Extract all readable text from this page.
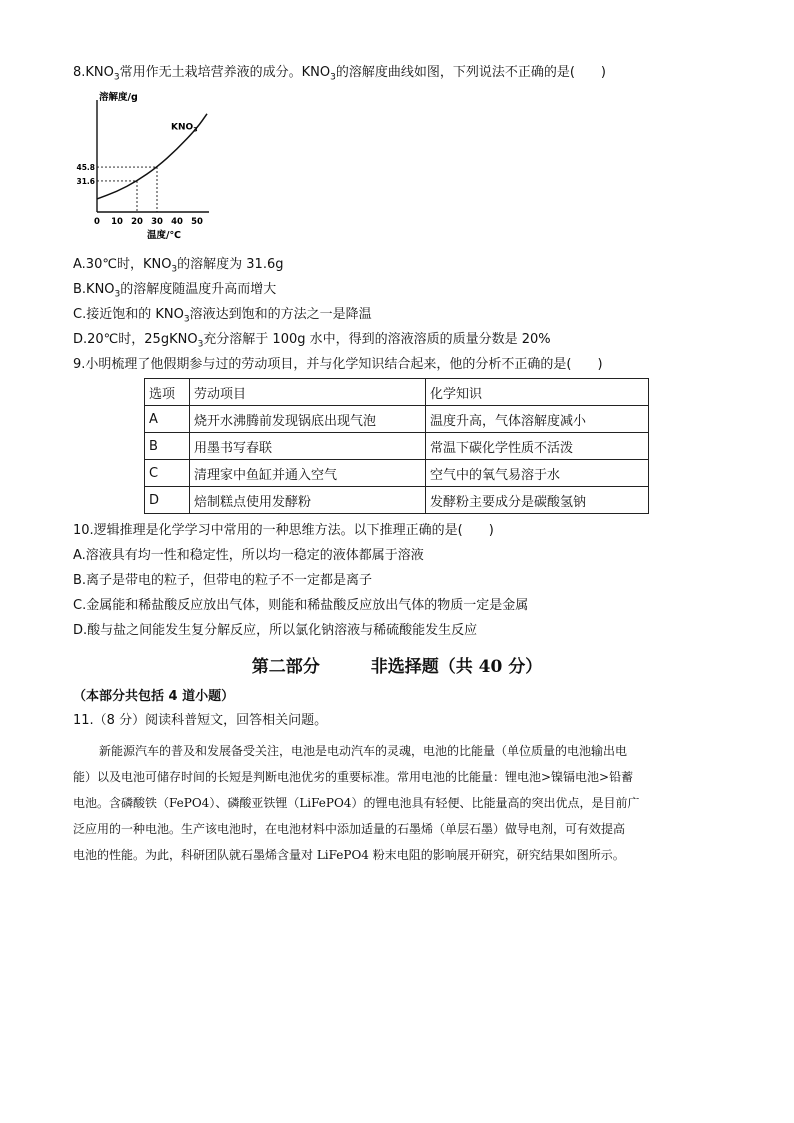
$8.KNO_3$常用作无土栽培营养液的成分。$KNO_3$的溶解度曲线如图，下列说法不正确的是(　　)
溶解度/g
温度/℃
0 10 20 30 40 50
31.6
45.8
$KNO_3$
A.30℃时，$KNO_3$的溶解度为 31.6g
$B.KNO_3$的溶解度随温度升高而增大
C.接近饱和的 $KNO_3$溶液达到饱和的方法之一是降温
D.20℃时，25gKNO$_3$充分溶解于 100g 水中，得到的溶液溶质的质量分数是 20%
9.小明梳理了他假期参与过的劳动项目，并与化学知识结合起来，他的分析不正确的是(　　)
选项	劳动项目	化学知识
A	烧开水沸腾前发现锅底出现气泡	温度升高，气体溶解度减小
B	用墨书写春联	常温下碳化学性质不活泼
C	清理家中鱼缸并通入空气	空气中的氧气易溶于水
D	焙制糕点使用发酵粉	发酵粉主要成分是碳酸氢钠
10.逻辑推理是化学学习中常用的一种思维方法。以下推理正确的是(　　)
A.溶液具有均一性和稳定性，所以均一稳定的液体都属于溶液
B.离子是带电的粒子，但带电的粒子不一定都是离子
C.金属能和稀盐酸反应放出气体，则能和稀盐酸反应放出气体的物质一定是金属
D.酸与盐之间能发生复分解反应，所以氯化钠溶液与稀硫酸能发生反应
第二部分　　　非选择题（共 40 分）
（本部分共包括 4 道小题）
11.（8 分）阅读科普短文，回答相关问题。
新能源汽车的普及和发展备受关注，电池是电动汽车的灵魂，电池的比能量（单位质量的电池输出电
能）以及电池可储存时间的长短是判断电池优劣的重要标准。常用电池的比能量：锂电池>镍镉电池>铅蓄
电池。含磷酸铁（FePO4）、磷酸亚铁锂（LiFePO4）的锂电池具有轻便、比能量高的突出优点，是目前广
泛应用的一种电池。生产该电池时，在电池材料中添加适量的石墨烯（单层石墨）做导电剂，可有效提高
电池的性能。为此，科研团队就石墨烯含量对 LiFePO4 粉末电阻的影响展开研究，研究结果如图所示。
